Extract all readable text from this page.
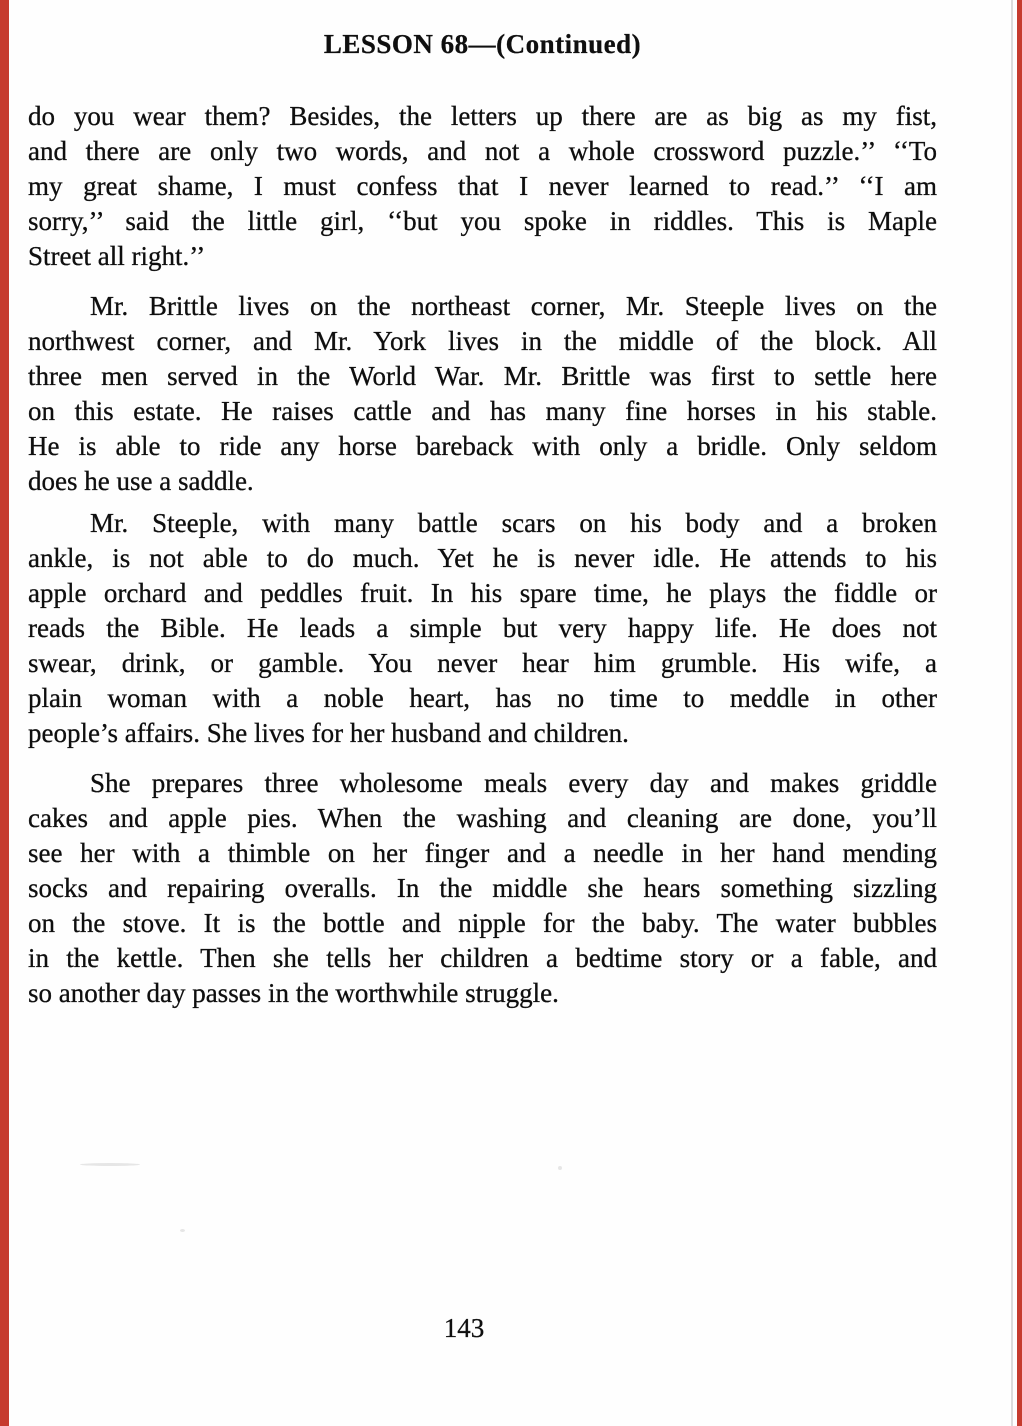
LESSON 68—(Continued)
do you wear them? Besides, the letters up there are as big as my fist,
and there are only two words, and not a whole crossword puzzle.’’ ‘‘To
my great shame, I must confess that I never learned to read.’’ ‘‘I am
sorry,’’ said the little girl, ‘‘but you spoke in riddles. This is Maple
Street all right.’’
Mr. Brittle lives on the northeast corner, Mr. Steeple lives on the
northwest corner, and Mr. York lives in the middle of the block. All
three men served in the World War. Mr. Brittle was first to settle here
on this estate. He raises cattle and has many fine horses in his stable.
He is able to ride any horse bareback with only a bridle. Only seldom
does he use a saddle.
Mr. Steeple, with many battle scars on his body and a broken
ankle, is not able to do much. Yet he is never idle. He attends to his
apple orchard and peddles fruit. In his spare time, he plays the fiddle or
reads the Bible. He leads a simple but very happy life. He does not
swear, drink, or gamble. You never hear him grumble. His wife, a
plain woman with a noble heart, has no time to meddle in other
people’s affairs. She lives for her husband and children.
She prepares three wholesome meals every day and makes griddle
cakes and apple pies. When the washing and cleaning are done, you’ll
see her with a thimble on her finger and a needle in her hand mending
socks and repairing overalls. In the middle she hears something sizzling
on the stove. It is the bottle and nipple for the baby. The water bubbles
in the kettle. Then she tells her children a bedtime story or a fable, and
so another day passes in the worthwhile struggle.
143
